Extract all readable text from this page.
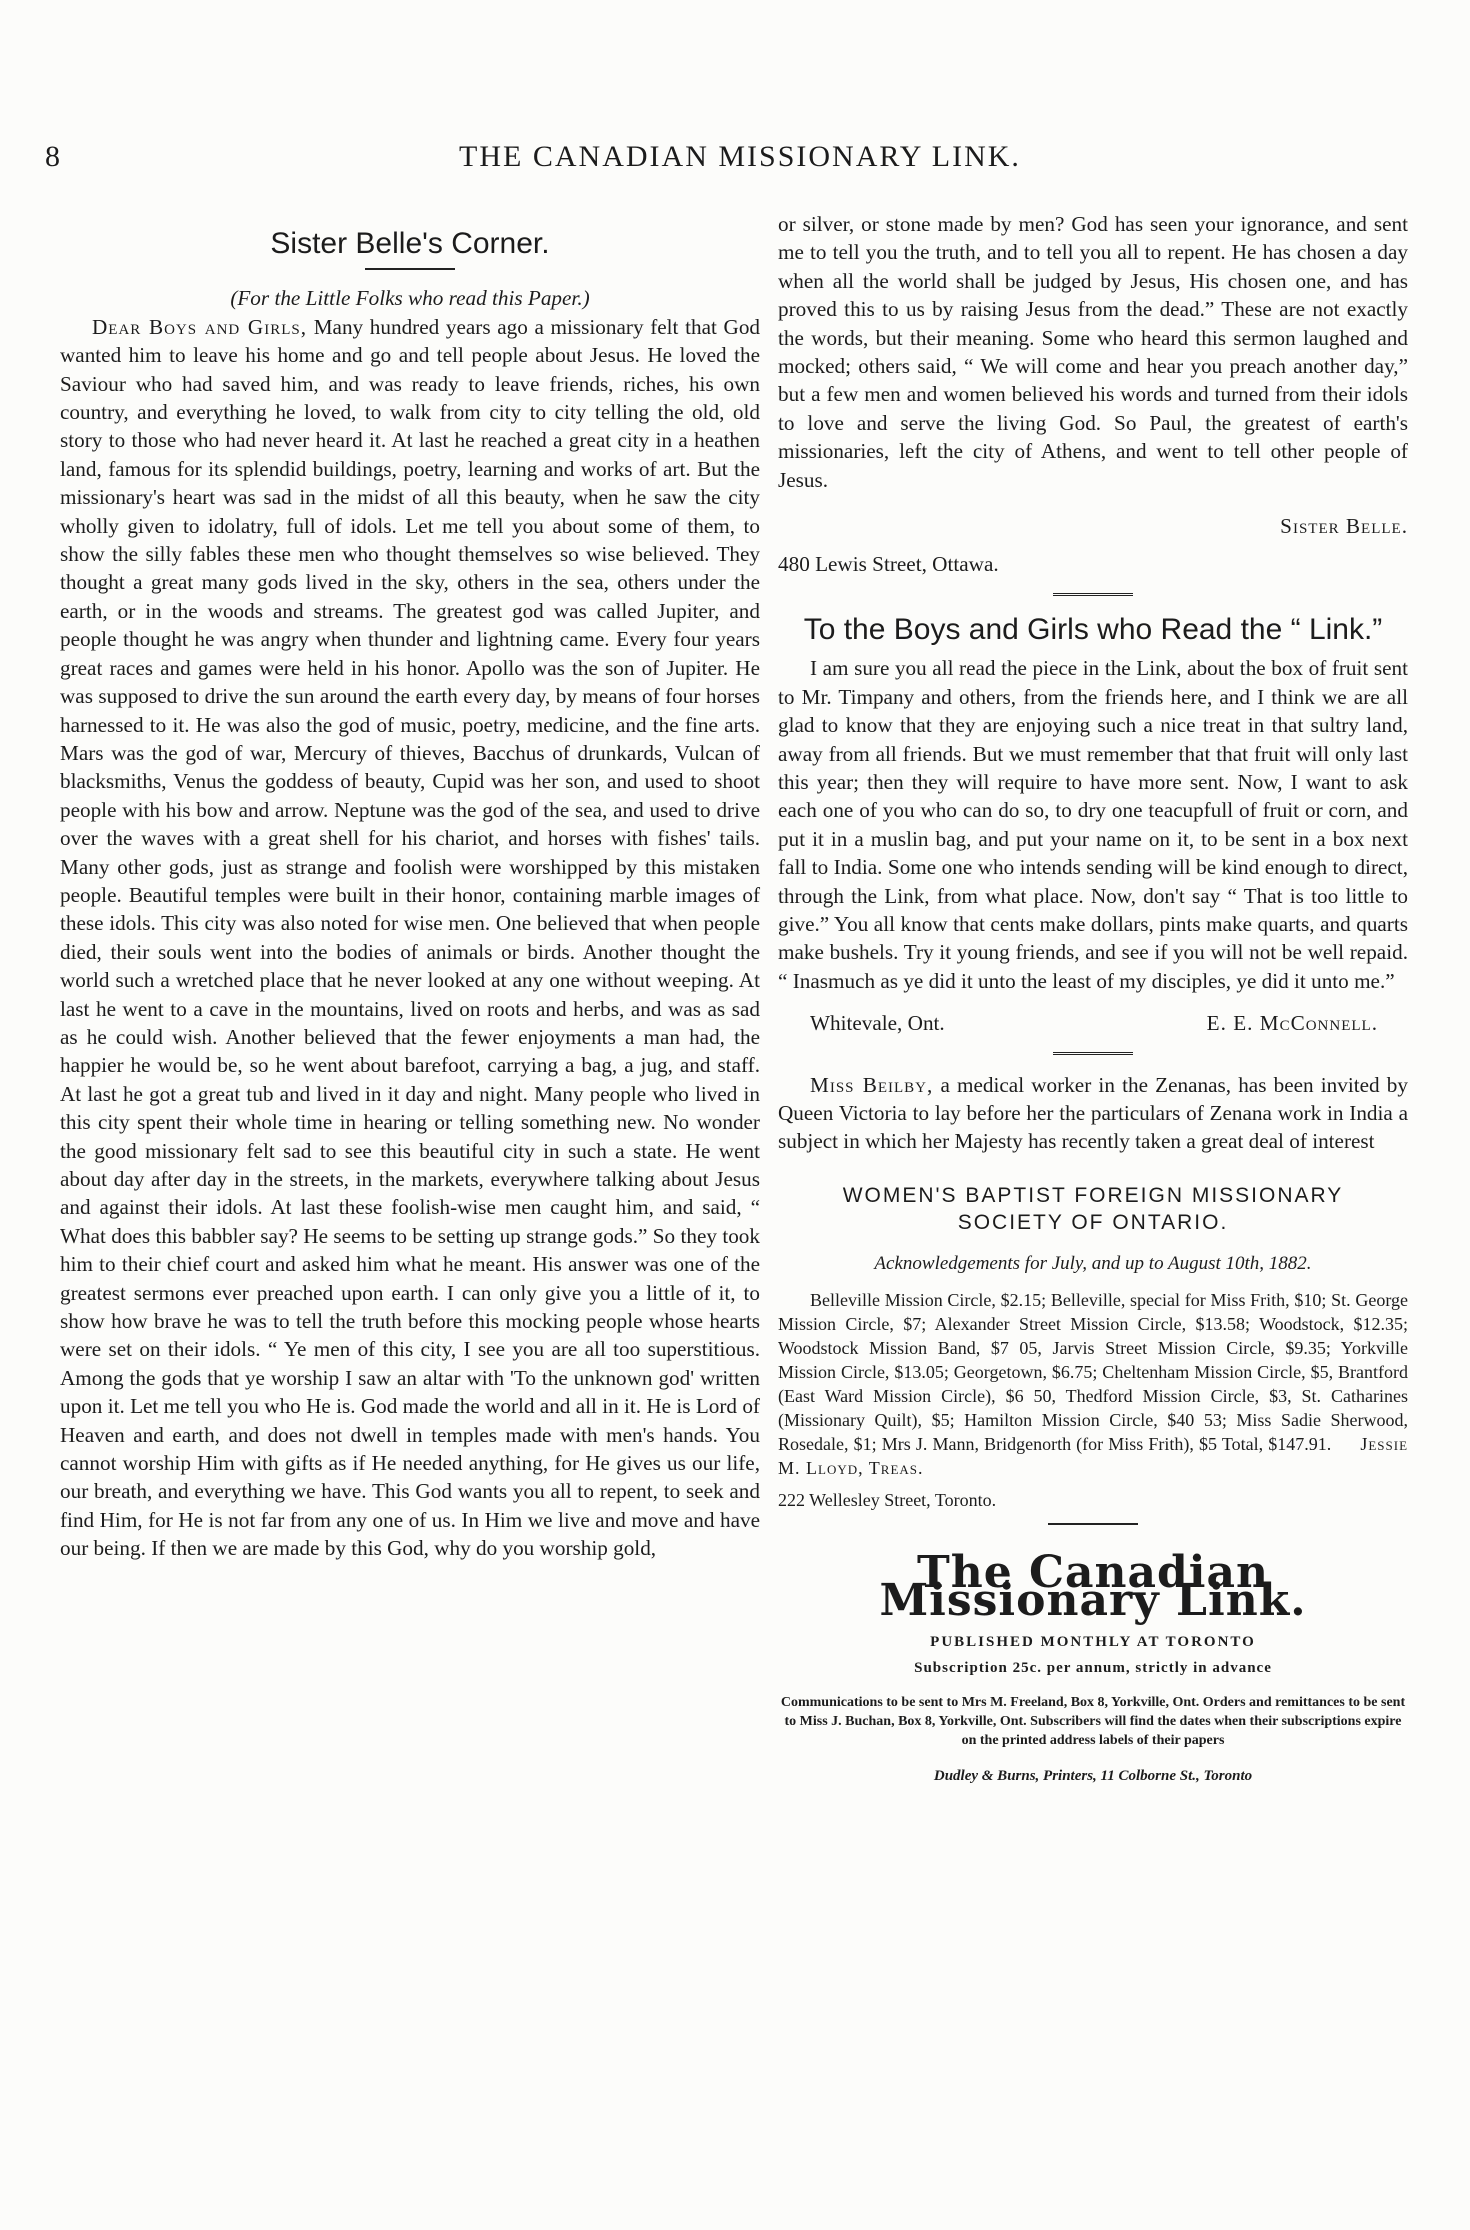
8	THE CANADIAN MISSIONARY LINK.
Sister Belle's Corner.

(For the Little Folks who read this Paper.)

Dear Boys and Girls, Many hundred years ago a missionary felt that God wanted him to leave his home and go and tell people about Jesus. He loved the Saviour who had saved him, and was ready to leave friends, riches, his own country, and everything he loved, to walk from city to city telling the old, old story to those who had never heard it. At last he reached a great city in a heathen land, famous for its splendid buildings, poetry, learning and works of art. But the missionary's heart was sad in the midst of all this beauty, when he saw the city wholly given to idolatry, full of idols. Let me tell you about some of them, to show the silly fables these men who thought themselves so wise believed. They thought a great many gods lived in the sky, others in the sea, others under the earth, or in the woods and streams. The greatest god was called Jupiter, and people thought he was angry when thunder and lightning came. Every four years great races and games were held in his honor. Apollo was the son of Jupiter. He was supposed to drive the sun around the earth every day, by means of four horses harnessed to it. He was also the god of music, poetry, medicine, and the fine arts. Mars was the god of war, Mercury of thieves, Bacchus of drunkards, Vulcan of blacksmiths, Venus the goddess of beauty, Cupid was her son, and used to shoot people with his bow and arrow. Neptune was the god of the sea, and used to drive over the waves with a great shell for his chariot, and horses with fishes' tails. Many other gods, just as strange and foolish were worshipped by this mistaken people. Beautiful temples were built in their honor, containing marble images of these idols. This city was also noted for wise men. One believed that when people died, their souls went into the bodies of animals or birds. Another thought the world such a wretched place that he never looked at any one without weeping. At last he went to a cave in the mountains, lived on roots and herbs, and was as sad as he could wish. Another believed that the fewer enjoyments a man had, the happier he would be, so he went about barefoot, carrying a bag, a jug, and staff. At last he got a great tub and lived in it day and night. Many people who lived in this city spent their whole time in hearing or telling something new. No wonder the good missionary felt sad to see this beautiful city in such a state. He went about day after day in the streets, in the markets, everywhere talking about Jesus and against their idols. At last these foolish-wise men caught him, and said, “ What does this babbler say? He seems to be setting up strange gods.” So they took him to their chief court and asked him what he meant. His answer was one of the greatest sermons ever preached upon earth. I can only give you a little of it, to show how brave he was to tell the truth before this mocking people whose hearts were set on their idols. “ Ye men of this city, I see you are all too superstitious. Among the gods that ye worship I saw an altar with 'To the unknown god' written upon it. Let me tell you who He is. God made the world and all in it. He is Lord of Heaven and earth, and does not dwell in temples made with men's hands. You cannot worship Him with gifts as if He needed anything, for He gives us our life, our breath, and everything we have. This God wants you all to repent, to seek and find Him, for He is not far from any one of us. In Him we live and move and have our being. If then we are made by this God, why do you worship gold,

or silver, or stone made by men? God has seen your ignorance, and sent me to tell you the truth, and to tell you all to repent. He has chosen a day when all the world shall be judged by Jesus, His chosen one, and has proved this to us by raising Jesus from the dead.” These are not exactly the words, but their meaning. Some who heard this sermon laughed and mocked; others said, “ We will come and hear you preach another day,” but a few men and women believed his words and turned from their idols to love and serve the living God. So Paul, the greatest of earth's missionaries, left the city of Athens, and went to tell other people of Jesus.

Sister Belle.

480 Lewis Street, Ottawa.

To the Boys and Girls who Read the “ Link.”

I am sure you all read the piece in the Link, about the box of fruit sent to Mr. Timpany and others, from the friends here, and I think we are all glad to know that they are enjoying such a nice treat in that sultry land, away from all friends. But we must remember that that fruit will only last this year; then they will require to have more sent. Now, I want to ask each one of you who can do so, to dry one teacupfull of fruit or corn, and put it in a muslin bag, and put your name on it, to be sent in a box next fall to India. Some one who intends sending will be kind enough to direct, through the Link, from what place. Now, don't say “ That is too little to give.” You all know that cents make dollars, pints make quarts, and quarts make bushels. Try it young friends, and see if you will not be well repaid. “ Inasmuch as ye did it unto the least of my disciples, ye did it unto me.”

Whitevale, Ont.	E. E. McConnell.

Miss Beilby, a medical worker in the Zenanas, has been invited by Queen Victoria to lay before her the particulars of Zenana work in India a subject in which her Majesty has recently taken a great deal of interest

WOMEN'S BAPTIST FOREIGN MISSIONARY
SOCIETY OF ONTARIO.

Acknowledgements for July, and up to August 10th, 1882.

Belleville Mission Circle, $2.15; Belleville, special for Miss Frith, $10; St. George Mission Circle, $7; Alexander Street Mission Circle, $13.58; Woodstock, $12.35; Woodstock Mission Band, $7 05, Jarvis Street Mission Circle, $9.35; Yorkville Mission Circle, $13.05; Georgetown, $6.75; Cheltenham Mission Circle, $5, Brantford (East Ward Mission Circle), $6 50, Thedford Mission Circle, $3, St. Catharines (Missionary Quilt), $5; Hamilton Mission Circle, $40 53; Miss Sadie Sherwood, Rosedale, $1; Mrs J. Mann, Bridgenorth (for Miss Frith), $5 Total, $147.91. Jessie M. Lloyd, Treas.

222 Wellesley Street, Toronto.

The Canadian Missionary Link.

PUBLISHED MONTHLY AT TORONTO

Subscription 25c. per annum, strictly in advance

Communications to be sent to Mrs M. Freeland, Box 8, Yorkville, Ont. Orders and remittances to be sent to Miss J. Buchan, Box 8, Yorkville, Ont. Subscribers will find the dates when their subscriptions expire on the printed address labels of their papers

Dudley & Burns, Printers, 11 Colborne St., Toronto
